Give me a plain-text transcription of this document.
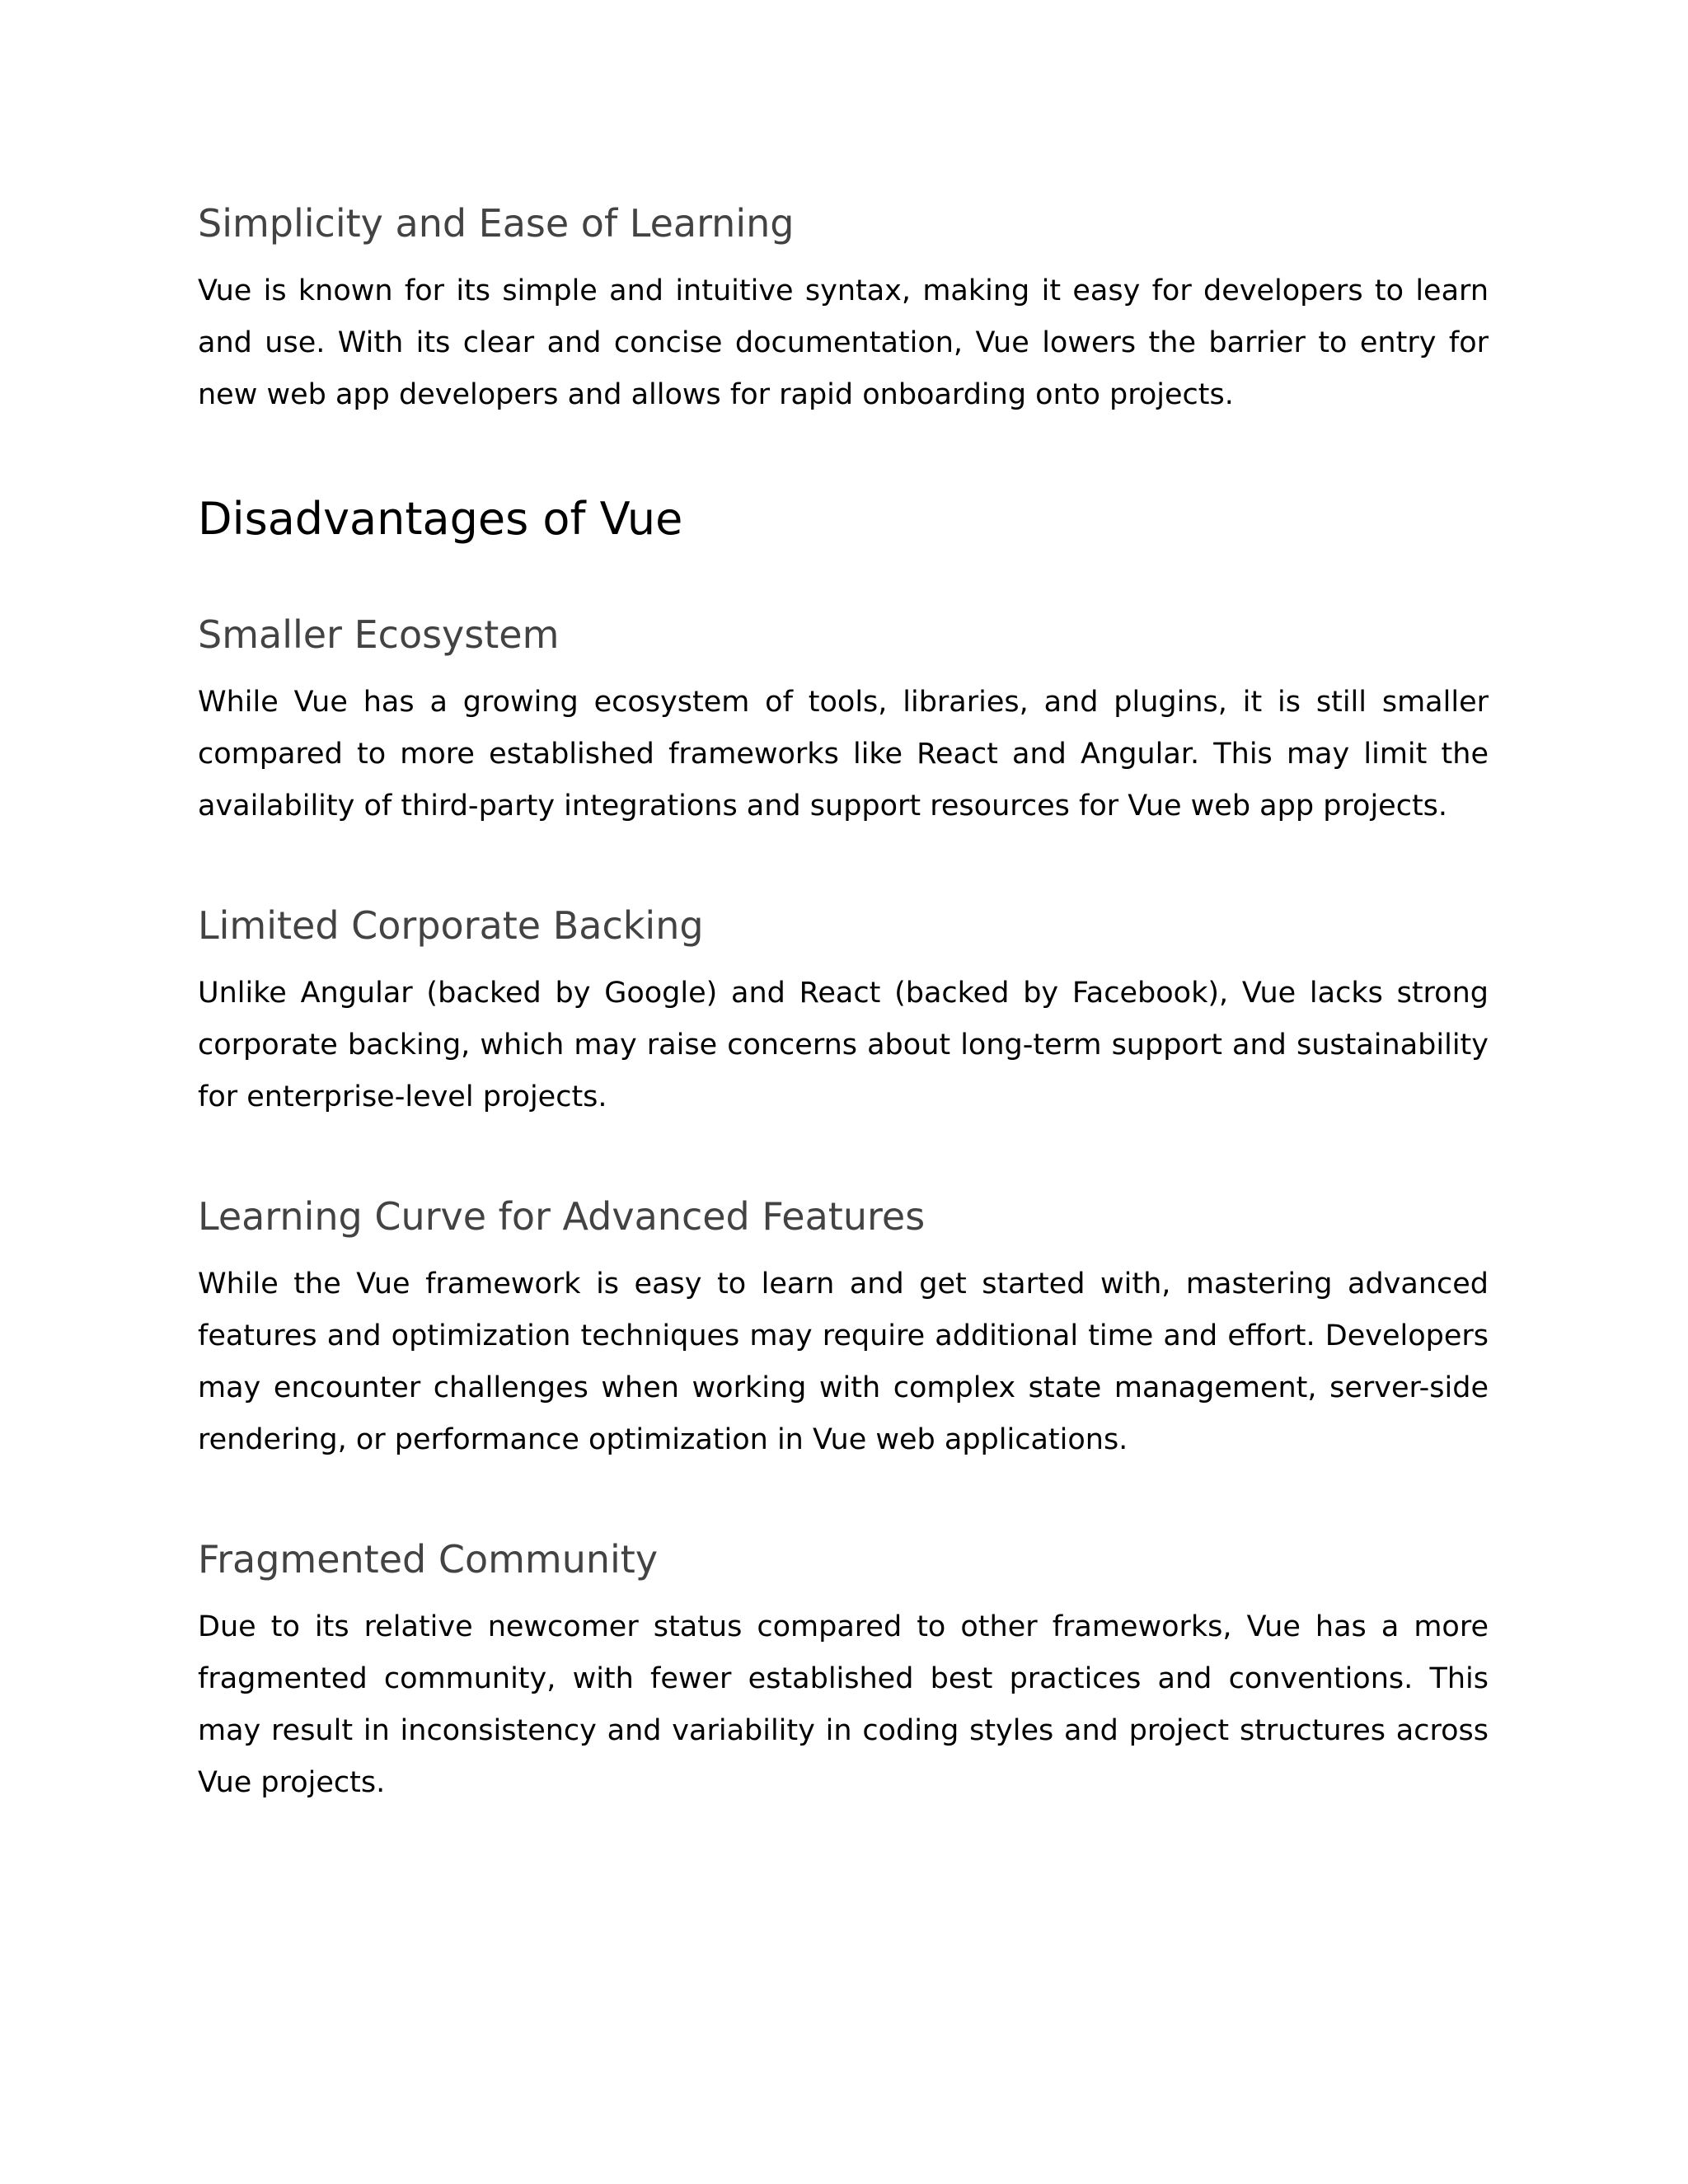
Simplicity and Ease of Learning

Vue is known for its simple and intuitive syntax, making it easy for developers to learn and use. With its clear and concise documentation, Vue lowers the barrier to entry for new web app developers and allows for rapid onboarding onto projects.

Disadvantages of Vue
Smaller Ecosystem

While Vue has a growing ecosystem of tools, libraries, and plugins, it is still smaller compared to more established frameworks like React and Angular. This may limit the availability of third-party integrations and support resources for Vue web app projects.

Limited Corporate Backing

Unlike Angular (backed by Google) and React (backed by Facebook), Vue lacks strong corporate backing, which may raise concerns about long-term support and sustainability for enterprise-level projects.

Learning Curve for Advanced Features

While the Vue framework is easy to learn and get started with, mastering advanced features and optimization techniques may require additional time and effort. Developers may encounter challenges when working with complex state management, server-side rendering, or performance optimization in Vue web applications.

Fragmented Community

Due to its relative newcomer status compared to other frameworks, Vue has a more fragmented community, with fewer established best practices and conventions. This may result in inconsistency and variability in coding styles and project structures across Vue projects.
